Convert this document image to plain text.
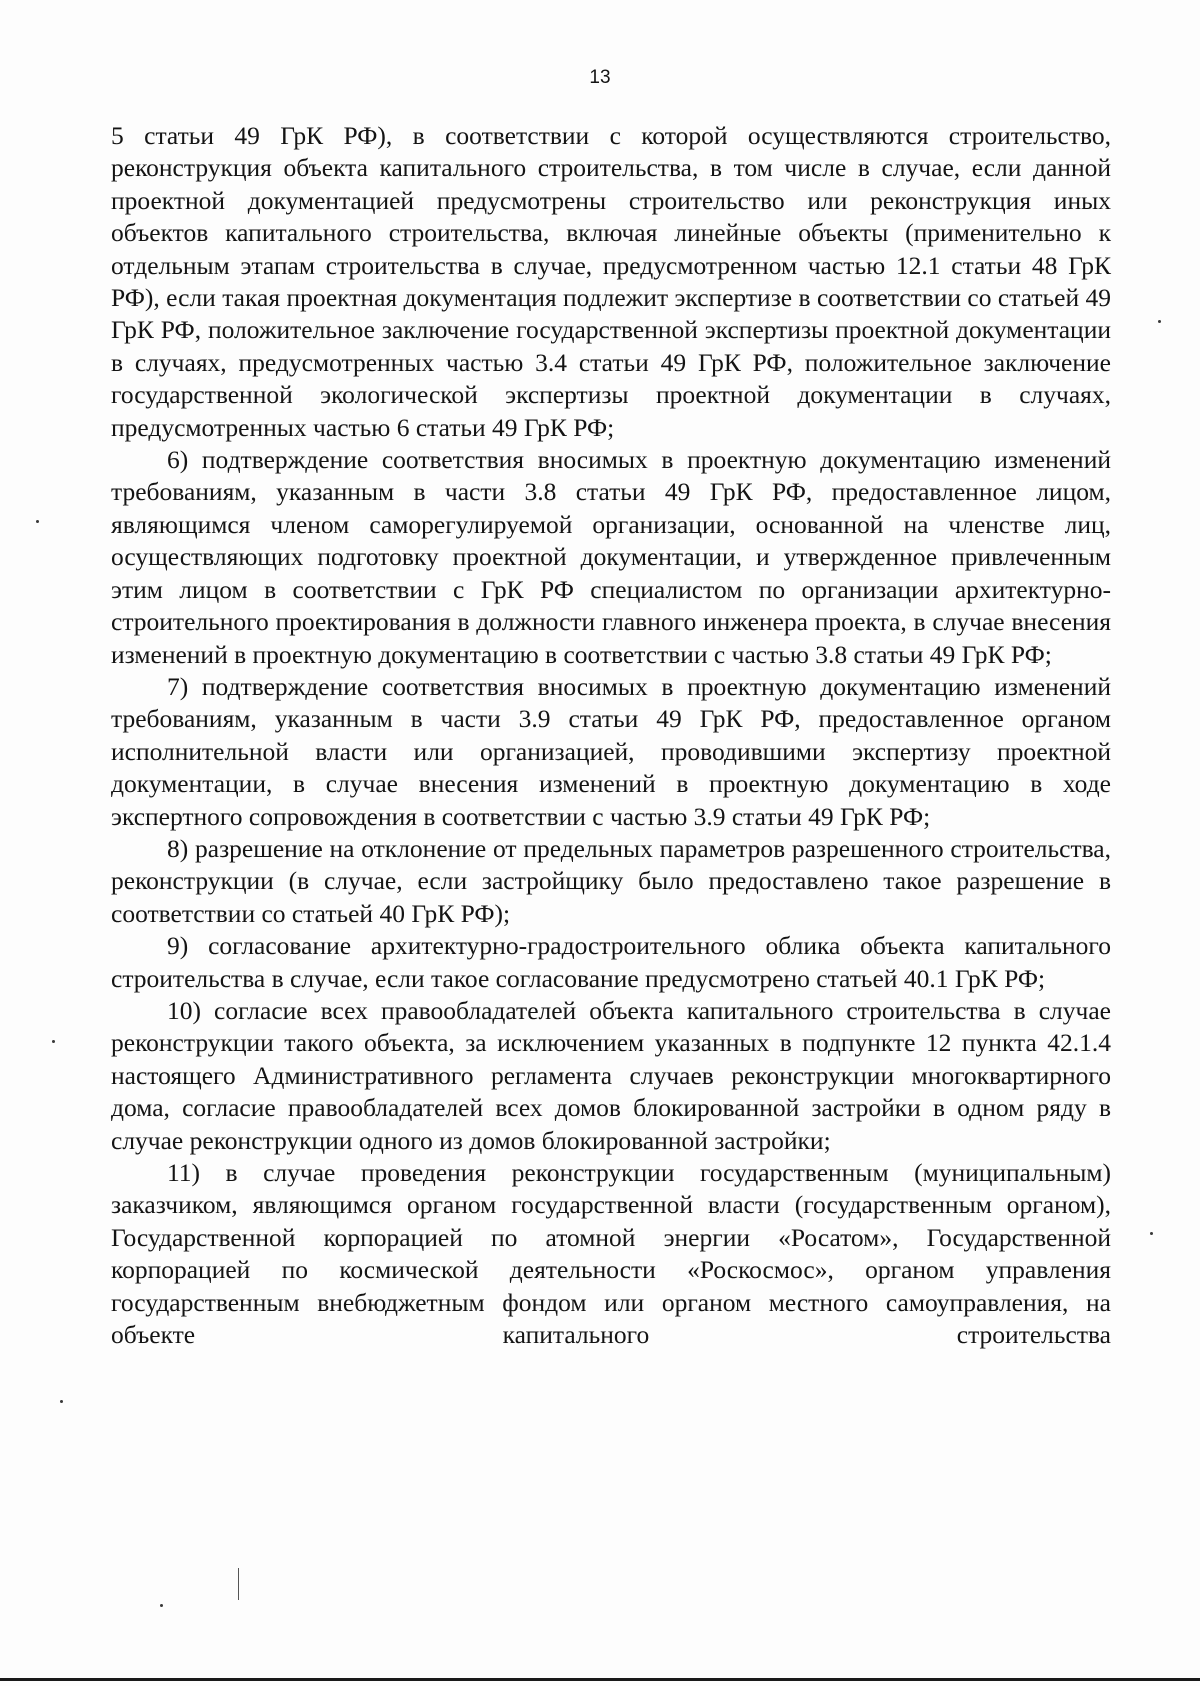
13

5 статьи 49 ГрК РФ), в соответствии с которой осуществляются строительство, реконструкция объекта капитального строительства, в том числе в случае, если данной проектной документацией предусмотрены строительство или реконструкция иных объектов капитального строительства, включая линейные объекты (применительно к отдельным этапам строительства в случае, предусмотренном частью 12.1 статьи 48 ГрК РФ), если такая проектная документация подлежит экспертизе в соответствии со статьей 49 ГрК РФ, положительное заключение государственной экспертизы проектной документации в случаях, предусмотренных частью 3.4 статьи 49 ГрК РФ, положительное заключение государственной экологической экспертизы проектной документации в случаях, предусмотренных частью 6 статьи 49 ГрК РФ;

6) подтверждение соответствия вносимых в проектную документацию изменений требованиям, указанным в части 3.8 статьи 49 ГрК РФ, предоставленное лицом, являющимся членом саморегулируемой организации, основанной на членстве лиц, осуществляющих подготовку проектной документации, и утвержденное привлеченным этим лицом в соответствии с ГрК РФ специалистом по организации архитектурно-строительного проектирования в должности главного инженера проекта, в случае внесения изменений в проектную документацию в соответствии с частью 3.8 статьи 49 ГрК РФ;

7) подтверждение соответствия вносимых в проектную документацию изменений требованиям, указанным в части 3.9 статьи 49 ГрК РФ, предоставленное органом исполнительной власти или организацией, проводившими экспертизу проектной документации, в случае внесения изменений в проектную документацию в ходе экспертного сопровождения в соответствии с частью 3.9 статьи 49 ГрК РФ;

8) разрешение на отклонение от предельных параметров разрешенного строительства, реконструкции (в случае, если застройщику было предоставлено такое разрешение в соответствии со статьей 40 ГрК РФ);

9) согласование архитектурно-градостроительного облика объекта капитального строительства в случае, если такое согласование предусмотрено статьей 40.1 ГрК РФ;

10) согласие всех правообладателей объекта капитального строительства в случае реконструкции такого объекта, за исключением указанных в подпункте 12 пункта 42.1.4 настоящего Административного регламента случаев реконструкции многоквартирного дома, согласие правообладателей всех домов блокированной застройки в одном ряду в случае реконструкции одного из домов блокированной застройки;

11) в случае проведения реконструкции государственным (муниципальным) заказчиком, являющимся органом государственной власти (государственным органом), Государственной корпорацией по атомной энергии «Росатом», Государственной корпорацией по космической деятельности «Роскосмос», органом управления государственным внебюджетным фондом или органом местного самоуправления, на объекте капитального строительства
